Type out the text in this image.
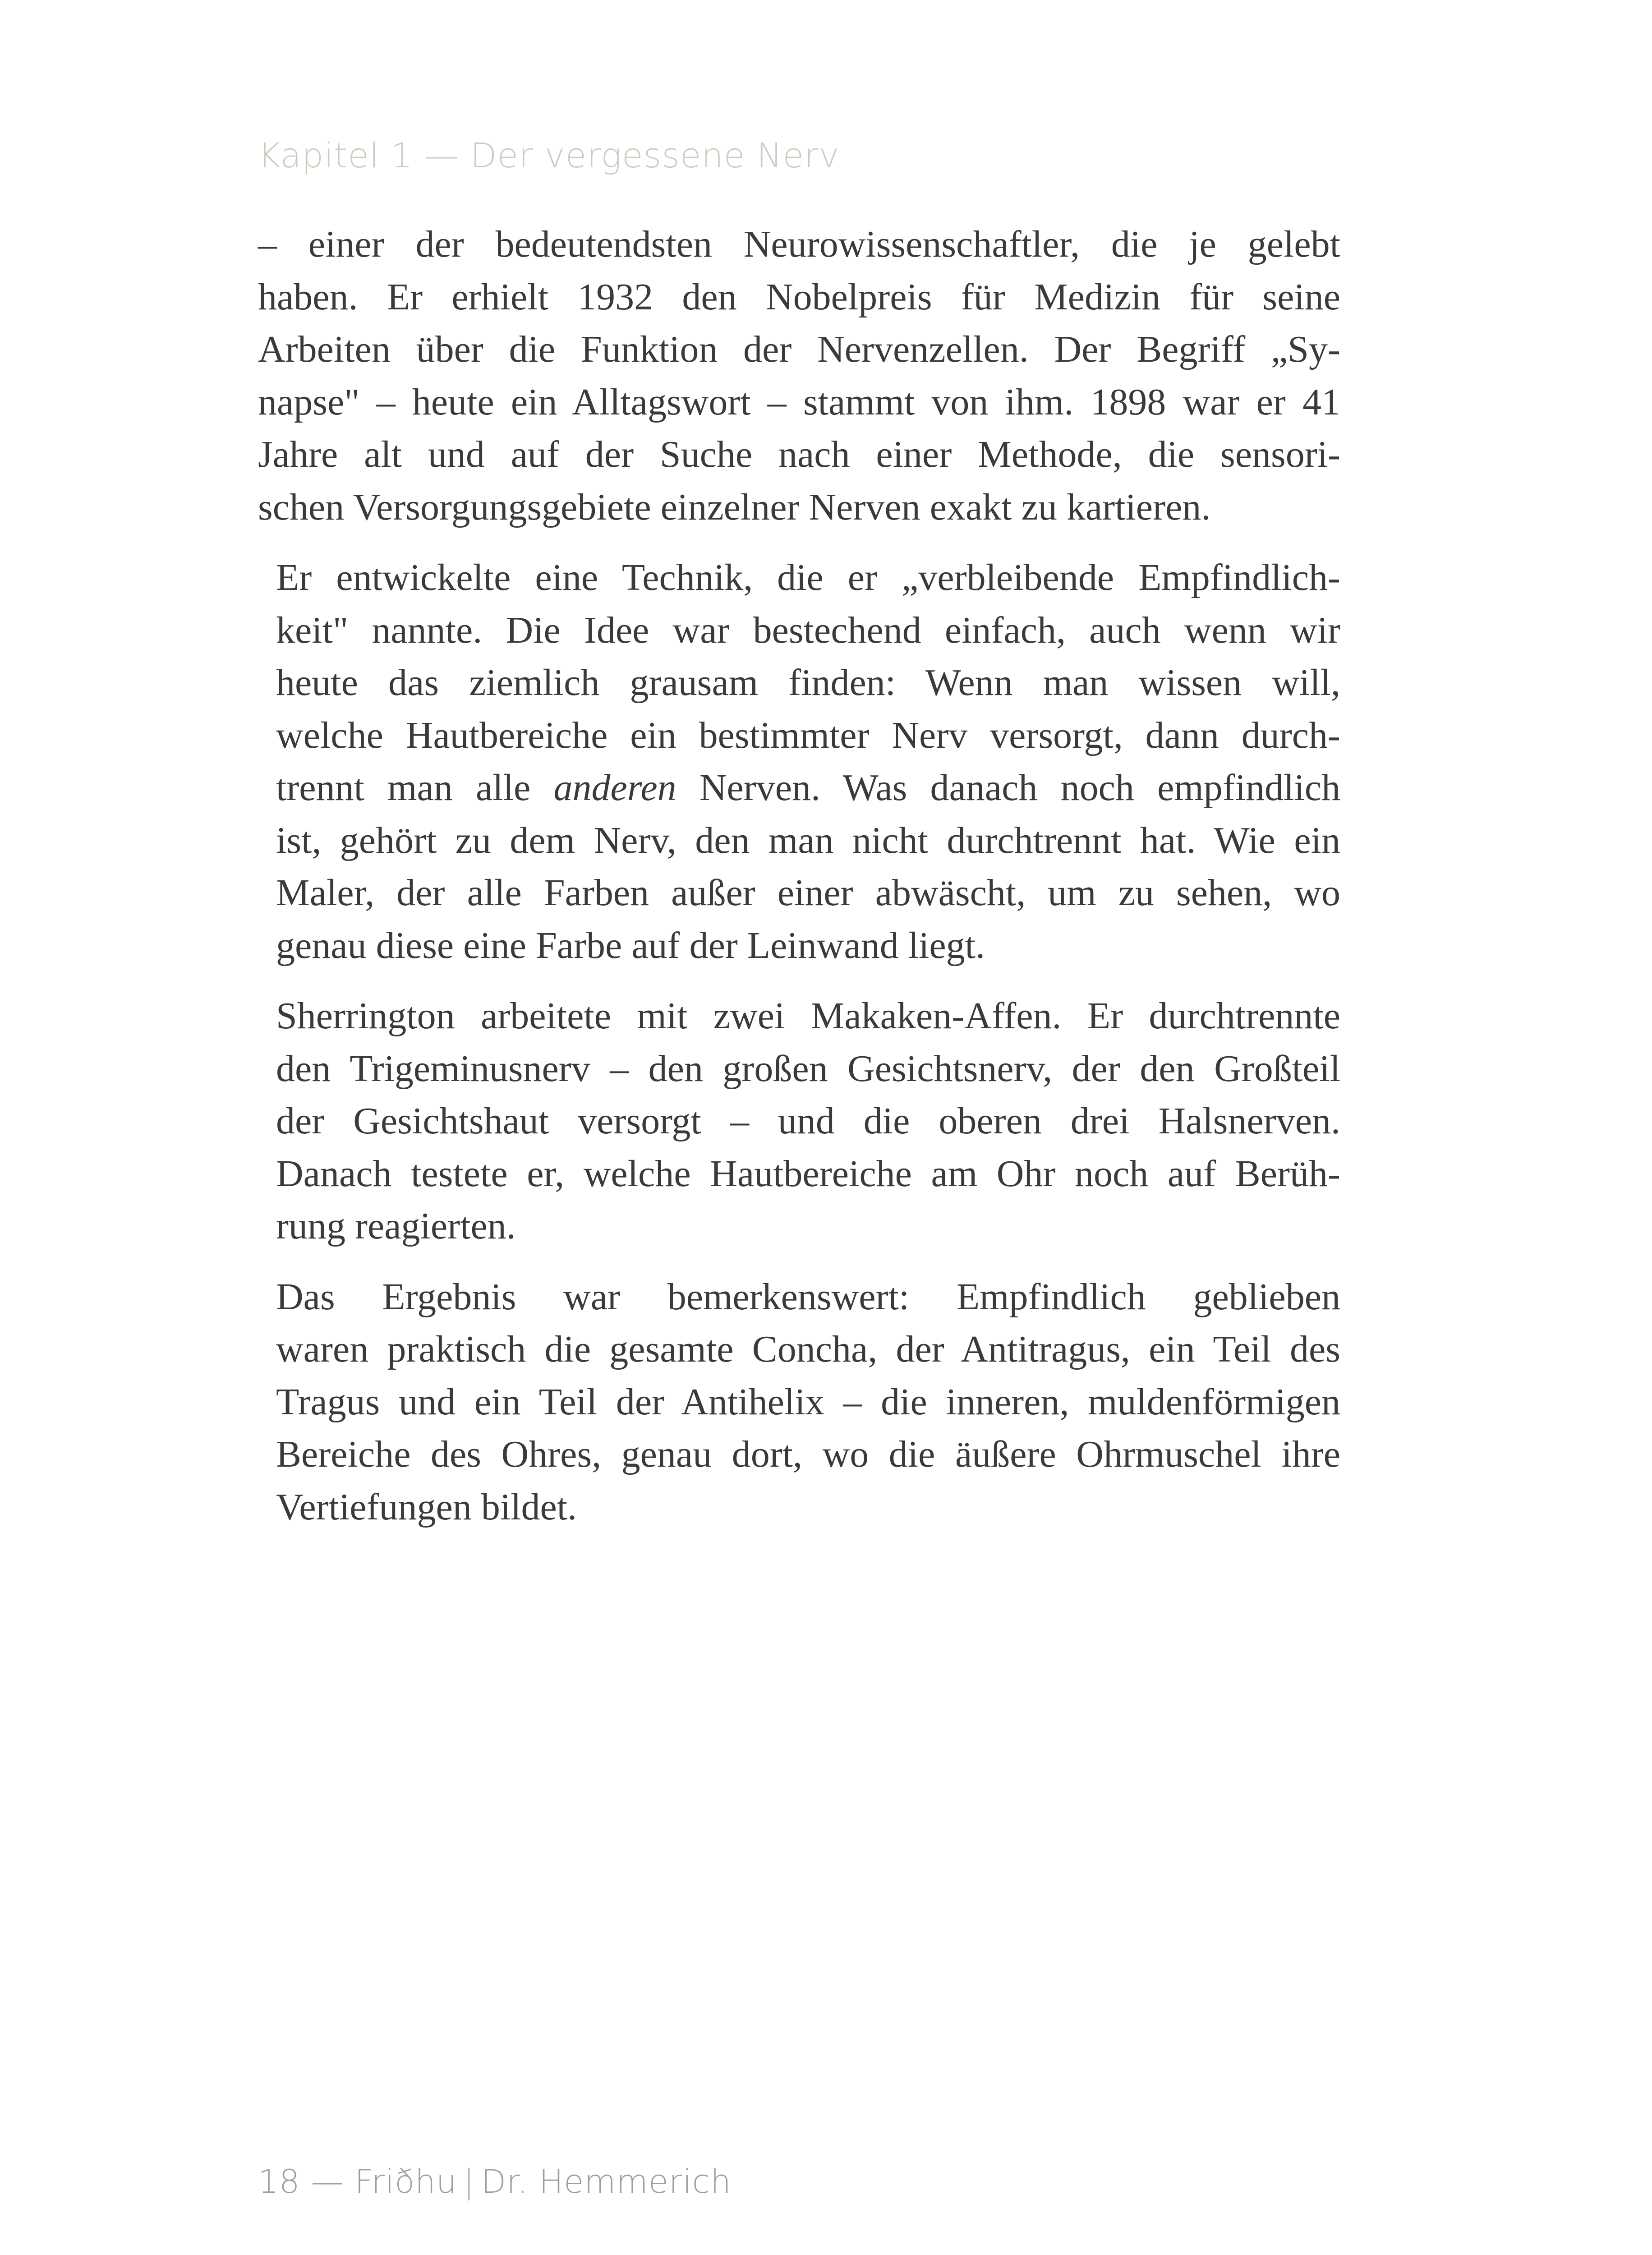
Kapitel 1 — Der vergessene Nerv
– einer der bedeutendsten Neurowissenschaftler, die je gelebt
haben. Er erhielt 1932 den Nobelpreis für Medizin für seine
Arbeiten über die Funktion der Nervenzellen. Der Begriff „Sy-
napse" – heute ein Alltagswort – stammt von ihm. 1898 war er 41
Jahre alt und auf der Suche nach einer Methode, die sensori-
schen Versorgungsgebiete einzelner Nerven exakt zu kartieren.
Er entwickelte eine Technik, die er „verbleibende Empfindlich-
keit" nannte. Die Idee war bestechend einfach, auch wenn wir
heute das ziemlich grausam finden: Wenn man wissen will,
welche Hautbereiche ein bestimmter Nerv versorgt, dann durch-
trennt man alle anderen Nerven. Was danach noch empfindlich
ist, gehört zu dem Nerv, den man nicht durchtrennt hat. Wie ein
Maler, der alle Farben außer einer abwäscht, um zu sehen, wo
genau diese eine Farbe auf der Leinwand liegt.
Sherrington arbeitete mit zwei Makaken-Affen. Er durchtrennte
den Trigeminusnerv – den großen Gesichtsnerv, der den Großteil
der Gesichtshaut versorgt – und die oberen drei Halsnerven.
Danach testete er, welche Hautbereiche am Ohr noch auf Berüh-
rung reagierten.
Das Ergebnis war bemerkenswert: Empfindlich geblieben
waren praktisch die gesamte Concha, der Antitragus, ein Teil des
Tragus und ein Teil der Antihelix – die inneren, muldenförmigen
Bereiche des Ohres, genau dort, wo die äußere Ohrmuschel ihre
Vertiefungen bildet.
18 — Friðhu | Dr. Hemmerich
